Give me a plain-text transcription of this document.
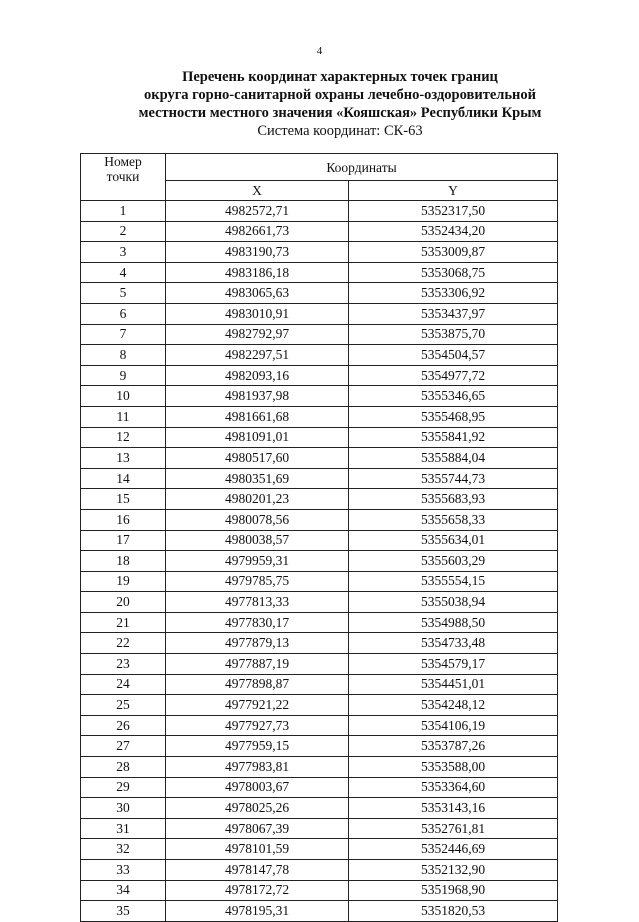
4
Перечень координат характерных точек границ
округа горно-санитарной охраны лечебно-оздоровительной
местности местного значения «Кояшская» Республики Крым
Система координат: СК-63
Номер
точки	Координаты	
	X	Y
1	4982572,71	5352317,50
2	4982661,73	5352434,20
3	4983190,73	5353009,87
4	4983186,18	5353068,75
5	4983065,63	5353306,92
6	4983010,91	5353437,97
7	4982792,97	5353875,70
8	4982297,51	5354504,57
9	4982093,16	5354977,72
10	4981937,98	5355346,65
11	4981661,68	5355468,95
12	4981091,01	5355841,92
13	4980517,60	5355884,04
14	4980351,69	5355744,73
15	4980201,23	5355683,93
16	4980078,56	5355658,33
17	4980038,57	5355634,01
18	4979959,31	5355603,29
19	4979785,75	5355554,15
20	4977813,33	5355038,94
21	4977830,17	5354988,50
22	4977879,13	5354733,48
23	4977887,19	5354579,17
24	4977898,87	5354451,01
25	4977921,22	5354248,12
26	4977927,73	5354106,19
27	4977959,15	5353787,26
28	4977983,81	5353588,00
29	4978003,67	5353364,60
30	4978025,26	5353143,16
31	4978067,39	5352761,81
32	4978101,59	5352446,69
33	4978147,78	5352132,90
34	4978172,72	5351968,90
35	4978195,31	5351820,53
